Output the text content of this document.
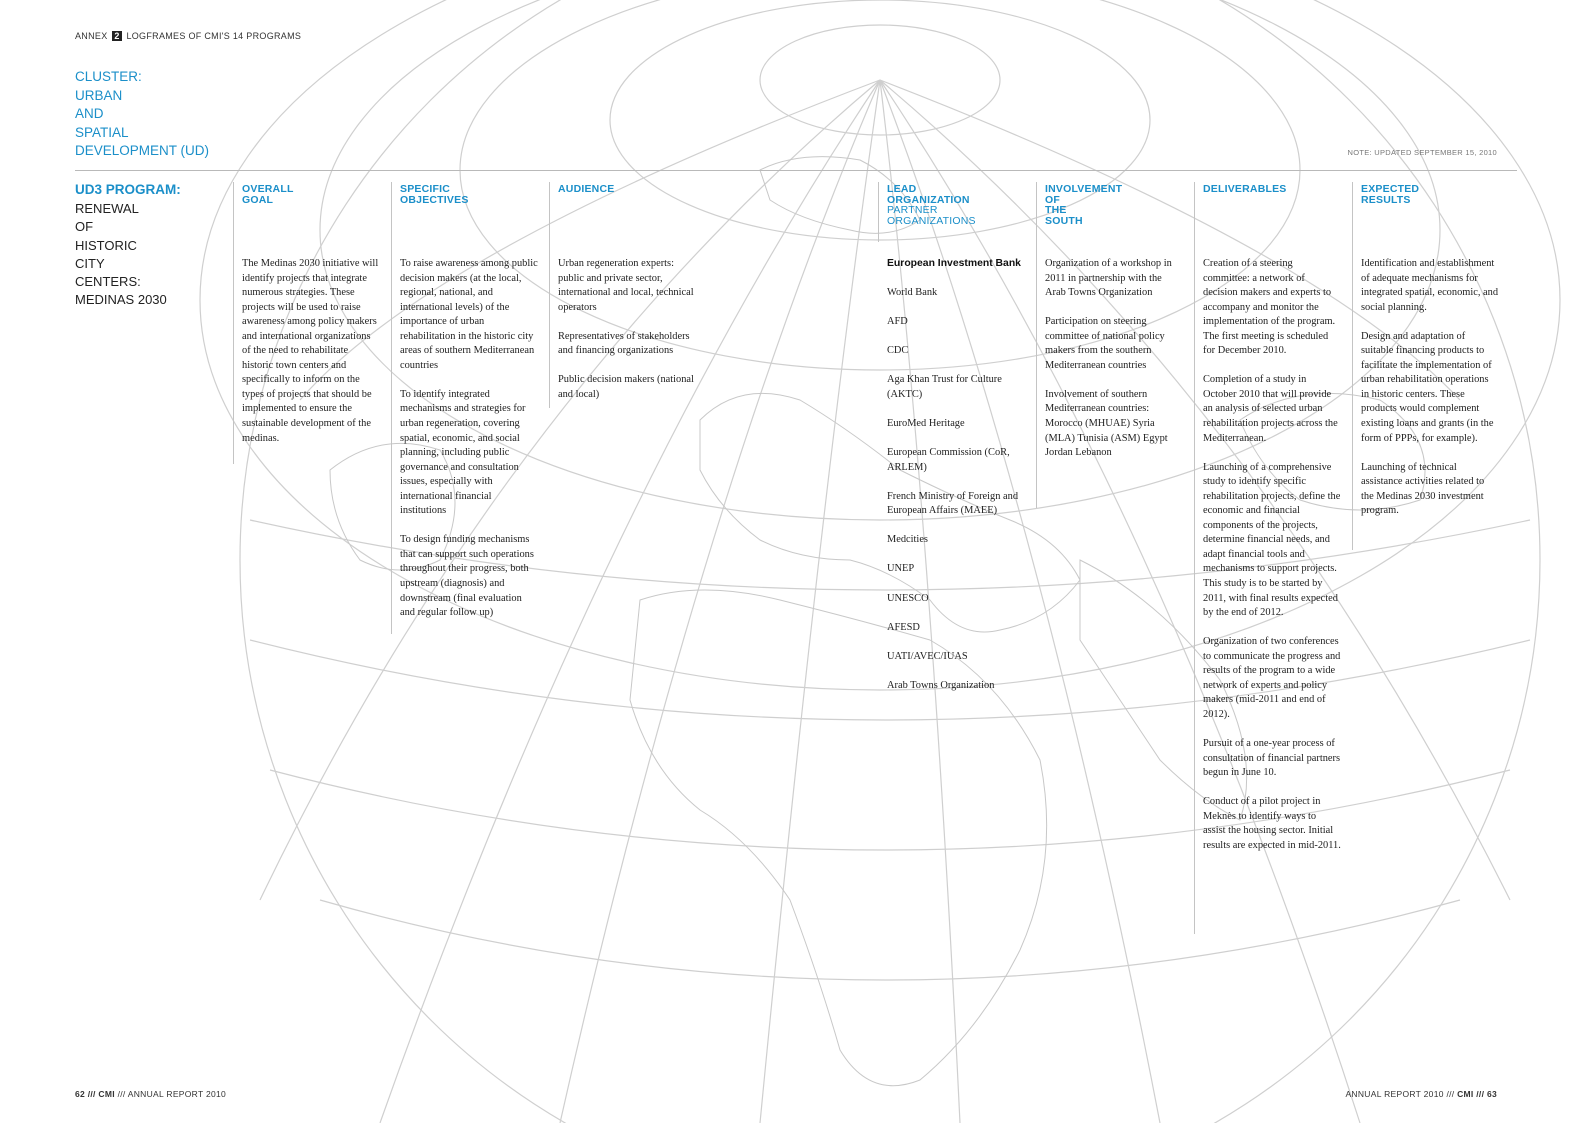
ANNEX 2 LOGFRAMES OF CMI'S 14 PROGRAMS
CLUSTER:
URBAN
AND
SPATIAL
DEVELOPMENT (UD)	NOTE: UPDATED SEPTEMBER 15, 2010
UD3 PROGRAM:
RENEWAL
OF
HISTORIC
CITY
CENTERS:
MEDINAS 2030
OVERALL
GOAL

The Medinas 2030 initiative will identify projects that integrate numerous strategies. These projects will be used to raise awareness among policy makers and international organizations of the need to rehabilitate historic town centers and specifically to inform on the types of projects that should be implemented to ensure the sustainable development of the medinas.

SPECIFIC
OBJECTIVES

To raise awareness among public decision makers (at the local, regional, national, and international levels) of the importance of urban rehabilitation in the historic city areas of southern Mediterranean countries

To identify integrated mechanisms and strategies for urban regeneration, covering spatial, economic, and social planning, including public governance and consultation issues, especially with international financial institutions

To design funding mechanisms that can support such operations throughout their progress, both upstream (diagnosis) and downstream (final evaluation and regular follow up)

AUDIENCE

Urban regeneration experts: public and private sector, international and local, technical operators

Representatives of stakeholders and financing organizations

Public decision makers (national and local)

LEAD
ORGANIZATION
PARTNER
ORGANIZATIONS

European Investment Bank

World Bank

AFD

CDC

Aga Khan Trust for Culture (AKTC)

EuroMed Heritage

European Commission (CoR, ARLEM)

French Ministry of Foreign and European Affairs (MAEE)

Medcities

UNEP

UNESCO

AFESD

UATI/AVEC/IUAS

Arab Towns Organization

INVOLVEMENT
OF
THE
SOUTH

Organization of a workshop in 2011 in partnership with the Arab Towns Organization

Participation on steering committee of national policy makers from the southern Mediterranean countries

Involvement of southern Mediterranean countries: Morocco (MHUAE) Syria (MLA) Tunisia (ASM) Egypt Jordan Lebanon

DELIVERABLES

Creation of a steering committee: a network of decision makers and experts to accompany and monitor the implementation of the program. The first meeting is scheduled for December 2010.

Completion of a study in October 2010 that will provide an analysis of selected urban rehabilitation projects across the Mediterranean.

Launching of a comprehensive study to identify specific rehabilitation projects, define the economic and financial components of the projects, determine financial needs, and adapt financial tools and mechanisms to support projects. This study is to be started by 2011, with final results expected by the end of 2012.

Organization of two conferences to communicate the progress and results of the program to a wide network of experts and policy makers (mid-2011 and end of 2012).

Pursuit of a one-year process of consultation of financial partners begun in June 10.

Conduct of a pilot project in Meknès to identify ways to assist the housing sector. Initial results are expected in mid-2011.

EXPECTED
RESULTS

Identification and establishment of adequate mechanisms for integrated spatial, economic, and social planning.

Design and adaptation of suitable financing products to facilitate the implementation of urban rehabilitation operations in historic centers. These products would complement existing loans and grants (in the form of PPPs, for example).

Launching of technical assistance activities related to the Medinas 2030 investment program.

62 /// CMI /// ANNUAL REPORT 2010	ANNUAL REPORT 2010 /// CMI /// 63
